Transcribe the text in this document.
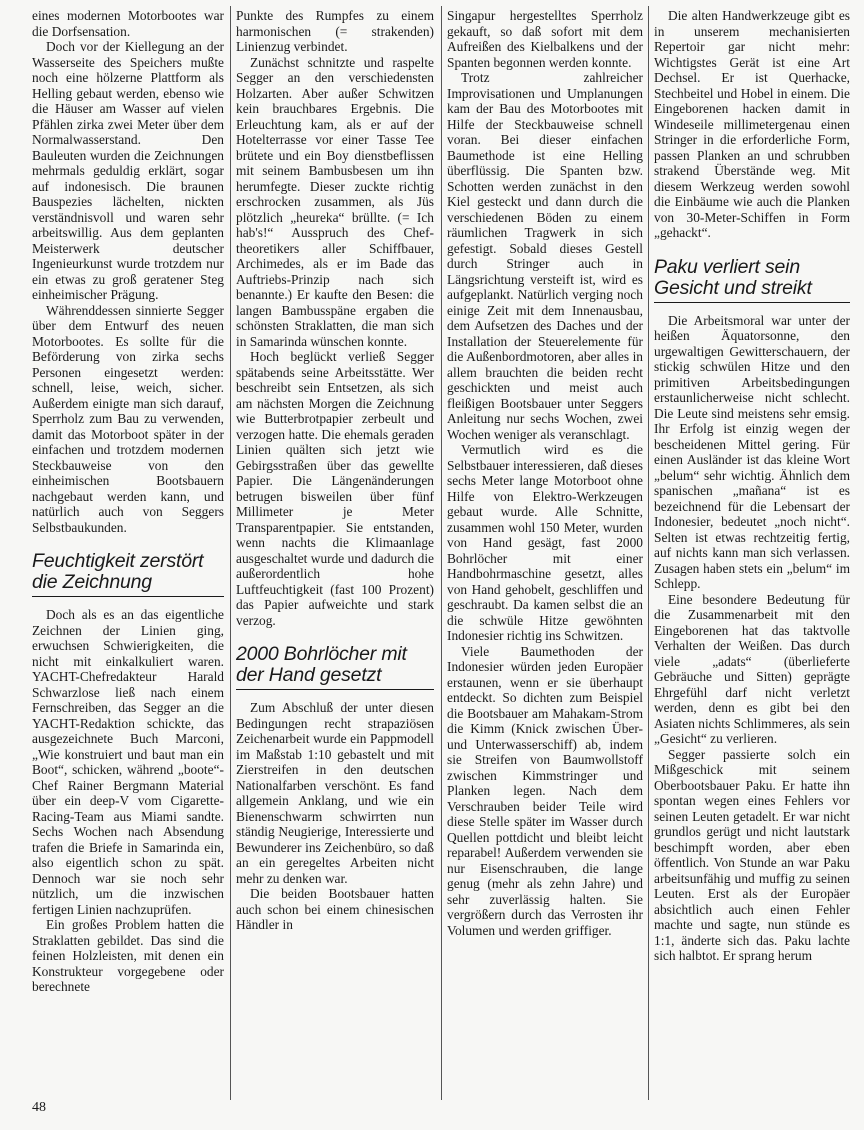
eines modernen Motorbootes war die Dorfsensation.

Doch vor der Kiellegung an der Wasserseite des Speichers mußte noch eine hölzerne Plattform als Helling gebaut werden, ebenso wie die Häuser am Wasser auf vielen Pfählen zirka zwei Meter über dem Normalwasserstand. Den Bauleuten wurden die Zeichnungen mehrmals geduldig erklärt, sogar auf indonesisch. Die braunen Bauspezies lächelten, nickten verständnisvoll und waren sehr arbeitswillig. Aus dem geplanten Meisterwerk deutscher Ingenieurkunst wurde trotzdem nur ein etwas zu groß geratener Steg einheimischer Prägung.

Währenddessen sinnierte Segger über dem Entwurf des neuen Motorbootes. Es sollte für die Beförderung von zirka sechs Personen eingesetzt werden: schnell, leise, weich, sicher. Außerdem einigte man sich darauf, Sperrholz zum Bau zu verwenden, damit das Motorboot später in der einfachen und trotzdem modernen Steckbauweise von den einheimischen Bootsbauern nachgebaut werden kann, und natürlich auch von Seggers Selbstbaukunden.

Feuchtigkeit zerstört die Zeichnung

Doch als es an das eigentliche Zeichnen der Linien ging, erwuchsen Schwierigkeiten, die nicht mit einkalkuliert waren. YACHT-Chefredakteur Harald Schwarzlose ließ nach einem Fernschreiben, das Segger an die YACHT-Redaktion schickte, das ausgezeichnete Buch Marconi, „Wie konstruiert und baut man ein Boot“, schicken, während „boote“-Chef Rainer Bergmann Material über ein deep-V vom Cigarette-Racing-Team aus Miami sandte. Sechs Wochen nach Absendung trafen die Briefe in Samarinda ein, also eigentlich schon zu spät. Dennoch war sie noch sehr nützlich, um die inzwischen fertigen Linien nachzuprüfen.

Ein großes Problem hatten die Straklatten gebildet. Das sind die feinen Holzleisten, mit denen ein Konstrukteur vorgegebene oder berechnete

Punkte des Rumpfes zu einem harmonischen (= strakenden) Linienzug verbindet.

Zunächst schnitzte und raspelte Segger an den verschiedensten Holzarten. Aber außer Schwitzen kein brauchbares Ergebnis. Die Erleuchtung kam, als er auf der Hotelterrasse vor einer Tasse Tee brütete und ein Boy dienstbeflissen mit seinem Bambusbesen um ihn herumfegte. Dieser zuckte richtig erschrocken zusammen, als Jüs plötzlich „heureka“ brüllte. (= Ich hab's!“ Ausspruch des Chef-theoretikers aller Schiffbauer, Archimedes, als er im Bade das Auftriebs-Prinzip nach sich benannte.) Er kaufte den Besen: die langen Bambusspäne ergaben die schönsten Straklatten, die man sich in Samarinda wünschen konnte.

Hoch beglückt verließ Segger spätabends seine Arbeitsstätte. Wer beschreibt sein Entsetzen, als sich am nächsten Morgen die Zeichnung wie Butterbrotpapier zerbeult und verzogen hatte. Die ehemals geraden Linien quälten sich jetzt wie Gebirgsstraßen über das gewellte Papier. Die Längenänderungen betrugen bisweilen über fünf Millimeter je Meter Transparentpapier. Sie entstanden, wenn nachts die Klimaanlage ausgeschaltet wurde und dadurch die außerordentlich hohe Luftfeuchtigkeit (fast 100 Prozent) das Papier aufweichte und stark verzog.

2000 Bohrlöcher mit der Hand gesetzt

Zum Abschluß der unter diesen Bedingungen recht strapaziösen Zeichenarbeit wurde ein Pappmodell im Maßstab 1:10 gebastelt und mit Zierstreifen in den deutschen Nationalfarben verschönt. Es fand allgemein Anklang, und wie ein Bienenschwarm schwirrten nun ständig Neugierige, Interessierte und Bewunderer ins Zeichenbüro, so daß an ein geregeltes Arbeiten nicht mehr zu denken war.

Die beiden Bootsbauer hatten auch schon bei einem chinesischen Händler in

Singapur hergestelltes Sperrholz gekauft, so daß sofort mit dem Aufreißen des Kielbalkens und der Spanten begonnen werden konnte.

Trotz zahlreicher Improvisationen und Umplanungen kam der Bau des Motorbootes mit Hilfe der Steckbauweise schnell voran. Bei dieser einfachen Baumethode ist eine Helling überflüssig. Die Spanten bzw. Schotten werden zunächst in den Kiel gesteckt und dann durch die verschiedenen Böden zu einem räumlichen Tragwerk in sich gefestigt. Sobald dieses Gestell durch Stringer auch in Längsrichtung versteift ist, wird es aufgeplankt. Natürlich verging noch einige Zeit mit dem Innenausbau, dem Aufsetzen des Daches und der Installation der Steuerelemente für die Außenbordmotoren, aber alles in allem brauchten die beiden recht geschickten und meist auch fleißigen Bootsbauer unter Seggers Anleitung nur sechs Wochen, zwei Wochen weniger als veranschlagt.

Vermutlich wird es die Selbstbauer interessieren, daß dieses sechs Meter lange Motorboot ohne Hilfe von Elektro-Werkzeugen gebaut wurde. Alle Schnitte, zusammen wohl 150 Meter, wurden von Hand gesägt, fast 2000 Bohrlöcher mit einer Handbohrmaschine gesetzt, alles von Hand gehobelt, geschliffen und geschraubt. Da kamen selbst die an die schwüle Hitze gewöhnten Indonesier richtig ins Schwitzen.

Viele Baumethoden der Indonesier würden jeden Europäer erstaunen, wenn er sie überhaupt entdeckt. So dichten zum Beispiel die Bootsbauer am Mahakam-Strom die Kimm (Knick zwischen Über- und Unterwasserschiff) ab, indem sie Streifen von Baumwollstoff zwischen Kimmstringer und Planken legen. Nach dem Verschrauben beider Teile wird diese Stelle später im Wasser durch Quellen pottdicht und bleibt leicht reparabel! Außerdem verwenden sie nur Eisenschrauben, die lange genug (mehr als zehn Jahre) und sehr zuverlässig halten. Sie vergrößern durch das Verrosten ihr Volumen und werden griffiger.

Die alten Handwerkzeuge gibt es in unserem mechanisierten Repertoir gar nicht mehr: Wichtigstes Gerät ist eine Art Dechsel. Er ist Querhacke, Stechbeitel und Hobel in einem. Die Eingeborenen hacken damit in Windeseile millimetergenau einen Stringer in die erforderliche Form, passen Planken an und schrubben strakend Überstände weg. Mit diesem Werkzeug werden sowohl die Einbäume wie auch die Planken von 30-Meter-Schiffen in Form „gehackt“.

Paku verliert sein Gesicht und streikt

Die Arbeitsmoral war unter der heißen Äquatorsonne, den urgewaltigen Gewitterschauern, der stickig schwülen Hitze und den primitiven Arbeitsbedingungen erstaunlicherweise nicht schlecht. Die Leute sind meistens sehr emsig. Ihr Erfolg ist einzig wegen der bescheidenen Mittel gering. Für einen Ausländer ist das kleine Wort „belum“ sehr wichtig. Ähnlich dem spanischen „mañana“ ist es bezeichnend für die Lebensart der Indonesier, bedeutet „noch nicht“. Selten ist etwas rechtzeitig fertig, auf nichts kann man sich verlassen. Zusagen haben stets ein „belum“ im Schlepp.

Eine besondere Bedeutung für die Zusammenarbeit mit den Eingeborenen hat das taktvolle Verhalten der Weißen. Das durch viele „adats“ (überlieferte Gebräuche und Sitten) geprägte Ehrgefühl darf nicht verletzt werden, denn es gibt bei den Asiaten nichts Schlimmeres, als sein „Gesicht“ zu verlieren.

Segger passierte solch ein Mißgeschick mit seinem Oberbootsbauer Paku. Er hatte ihn spontan wegen eines Fehlers vor seinen Leuten getadelt. Er war nicht grundlos gerügt und nicht lautstark beschimpft worden, aber eben öffentlich. Von Stunde an war Paku arbeitsunfähig und muffig zu seinen Leuten. Erst als der Europäer absichtlich auch einen Fehler machte und sagte, nun stünde es 1:1, änderte sich das. Paku lachte sich halbtot. Er sprang herum

48
